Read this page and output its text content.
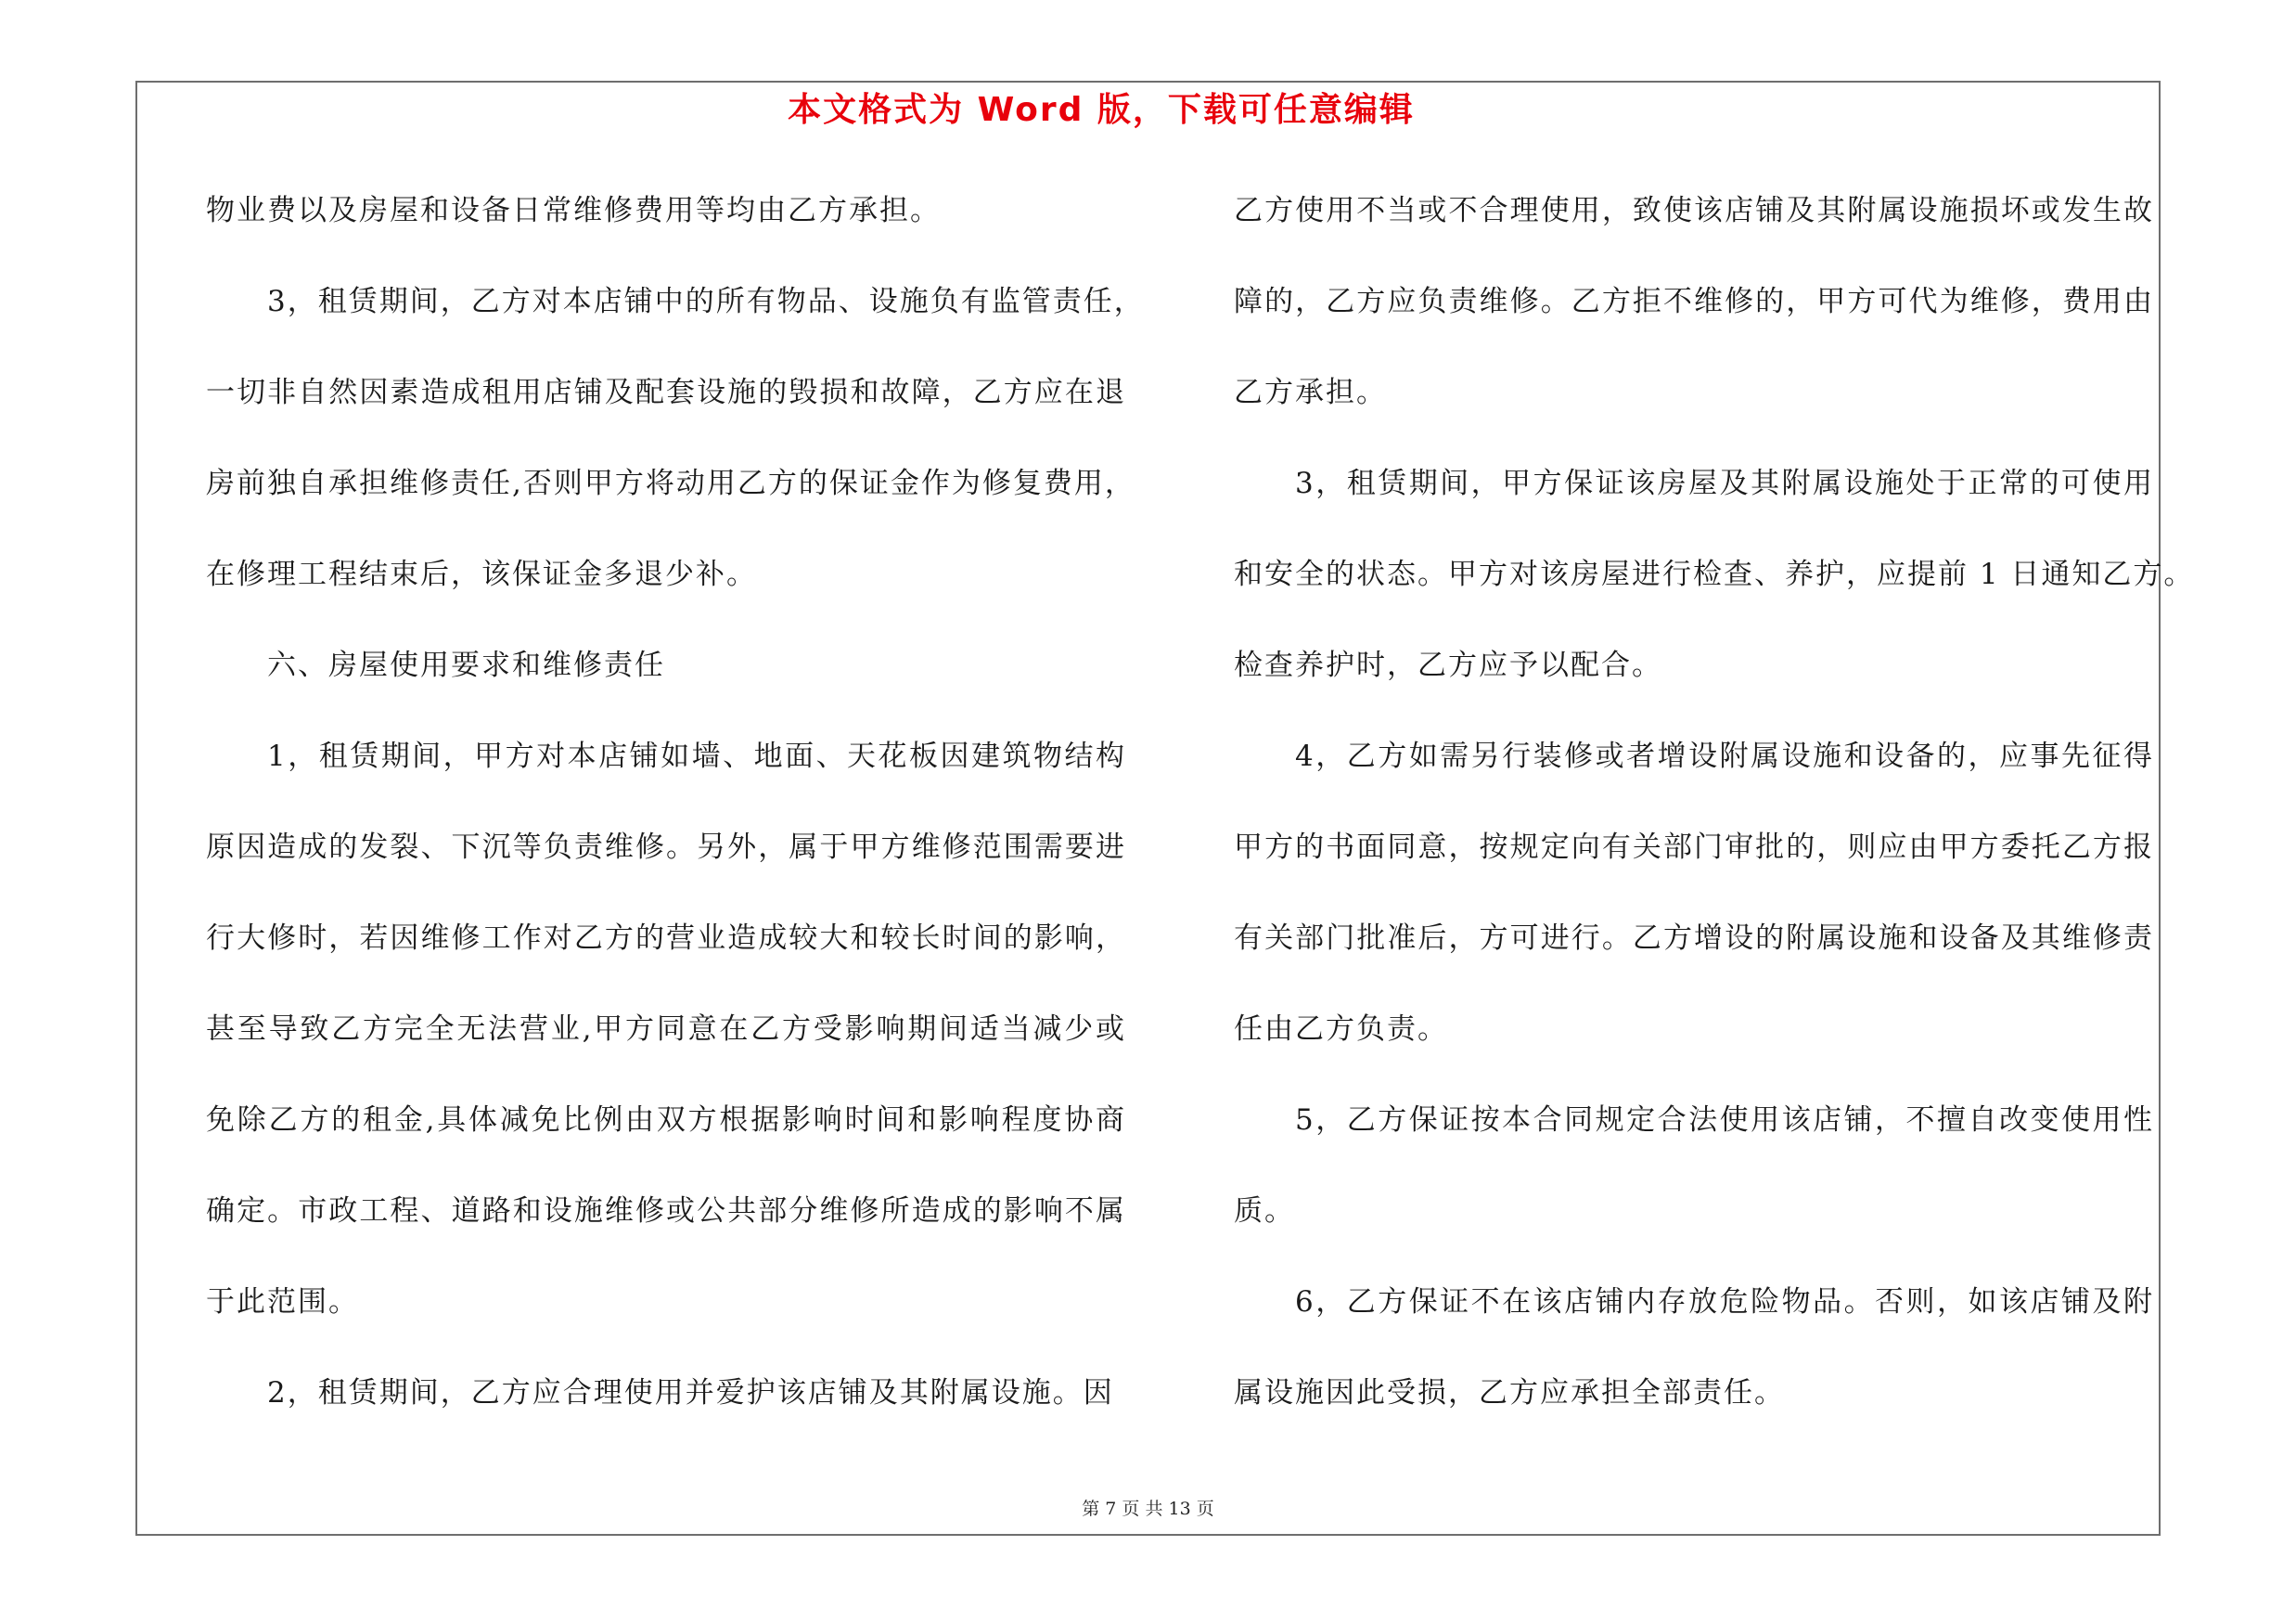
本文格式为 Word 版，下载可任意编辑
物业费以及房屋和设备日常维修费用等均由乙方承担。
3，租赁期间，乙方对本店铺中的所有物品、设施负有监管责任，
一切非自然因素造成租用店铺及配套设施的毁损和故障，乙方应在退
房前独自承担维修责任,否则甲方将动用乙方的保证金作为修复费用，
在修理工程结束后，该保证金多退少补。
六、房屋使用要求和维修责任
1，租赁期间，甲方对本店铺如墙、地面、天花板因建筑物结构
原因造成的发裂、下沉等负责维修。另外，属于甲方维修范围需要进
行大修时，若因维修工作对乙方的营业造成较大和较长时间的影响，
甚至导致乙方完全无法营业,甲方同意在乙方受影响期间适当减少或
免除乙方的租金,具体减免比例由双方根据影响时间和影响程度协商
确定。市政工程、道路和设施维修或公共部分维修所造成的影响不属
于此范围。
2，租赁期间，乙方应合理使用并爱护该店铺及其附属设施。因
乙方使用不当或不合理使用，致使该店铺及其附属设施损坏或发生故
障的，乙方应负责维修。乙方拒不维修的，甲方可代为维修，费用由
乙方承担。
3，租赁期间，甲方保证该房屋及其附属设施处于正常的可使用
和安全的状态。甲方对该房屋进行检查、养护，应提前 1 日通知乙方。
检查养护时，乙方应予以配合。
4，乙方如需另行装修或者增设附属设施和设备的，应事先征得
甲方的书面同意，按规定向有关部门审批的，则应由甲方委托乙方报
有关部门批准后，方可进行。乙方增设的附属设施和设备及其维修责
任由乙方负责。
5，乙方保证按本合同规定合法使用该店铺，不擅自改变使用性
质。
6，乙方保证不在该店铺内存放危险物品。否则，如该店铺及附
属设施因此受损，乙方应承担全部责任。
第 7 页 共 13 页
